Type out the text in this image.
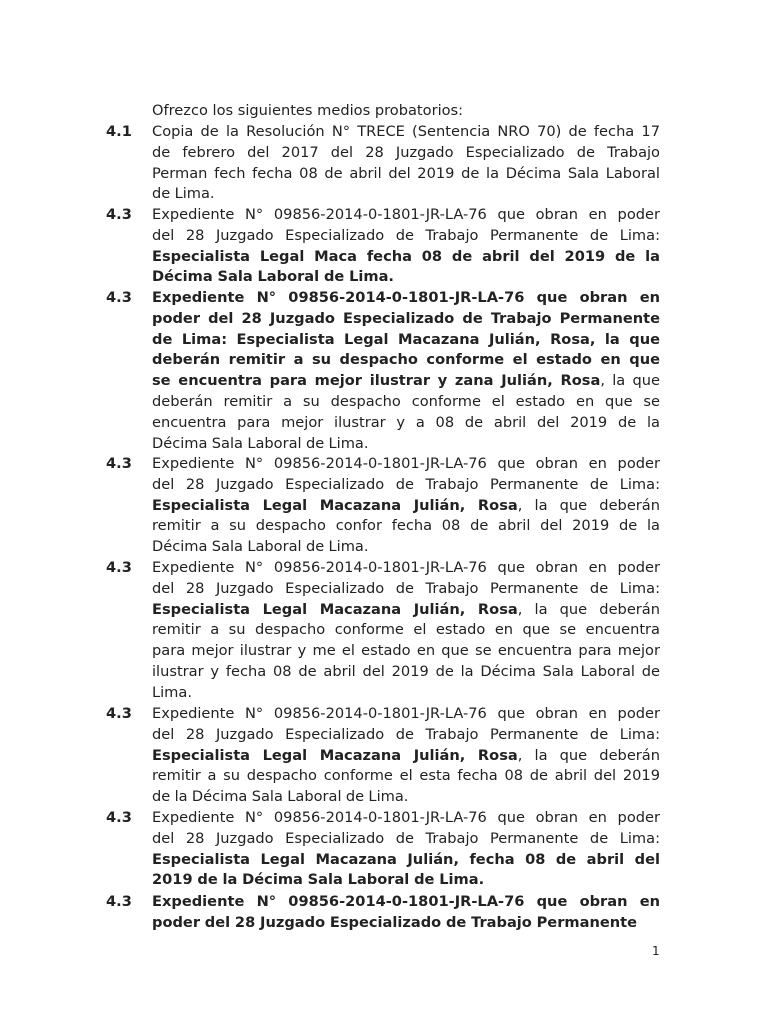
Ofrezco los siguientes medios probatorios:
4.1 Copia de la Resolución N° TRECE (Sentencia NRO 70) de fecha 17
de febrero del 2017 del 28 Juzgado Especializado de Trabajo
Perman fech fecha 08 de abril del 2019 de la Décima Sala Laboral
de Lima.
4.3 Expediente N° 09856-2014-0-1801-JR-LA-76 que obran en poder
del 28 Juzgado Especializado de Trabajo Permanente de Lima:
Especialista Legal Maca fecha 08 de abril del 2019 de la
Décima Sala Laboral de Lima.
4.3 Expediente N° 09856-2014-0-1801-JR-LA-76 que obran en
poder del 28 Juzgado Especializado de Trabajo Permanente
de Lima: Especialista Legal Macazana Julián, Rosa, la que
deberán remitir a su despacho conforme el estado en que
se encuentra para mejor ilustrar y zana Julián, Rosa, la que
deberán remitir a su despacho conforme el estado en que se
encuentra para mejor ilustrar y a 08 de abril del 2019 de la
Décima Sala Laboral de Lima.
4.3 Expediente N° 09856-2014-0-1801-JR-LA-76 que obran en poder
del 28 Juzgado Especializado de Trabajo Permanente de Lima:
Especialista Legal Macazana Julián, Rosa, la que deberán
remitir a su despacho confor fecha 08 de abril del 2019 de la
Décima Sala Laboral de Lima.
4.3 Expediente N° 09856-2014-0-1801-JR-LA-76 que obran en poder
del 28 Juzgado Especializado de Trabajo Permanente de Lima:
Especialista Legal Macazana Julián, Rosa, la que deberán
remitir a su despacho conforme el estado en que se encuentra
para mejor ilustrar y me el estado en que se encuentra para mejor
ilustrar y fecha 08 de abril del 2019 de la Décima Sala Laboral de
Lima.
4.3 Expediente N° 09856-2014-0-1801-JR-LA-76 que obran en poder
del 28 Juzgado Especializado de Trabajo Permanente de Lima:
Especialista Legal Macazana Julián, Rosa, la que deberán
remitir a su despacho conforme el esta fecha 08 de abril del 2019
de la Décima Sala Laboral de Lima.
4.3 Expediente N° 09856-2014-0-1801-JR-LA-76 que obran en poder
del 28 Juzgado Especializado de Trabajo Permanente de Lima:
Especialista Legal Macazana Julián, fecha 08 de abril del
2019 de la Décima Sala Laboral de Lima.
4.3 Expediente N° 09856-2014-0-1801-JR-LA-76 que obran en
poder del 28 Juzgado Especializado de Trabajo Permanente
1
